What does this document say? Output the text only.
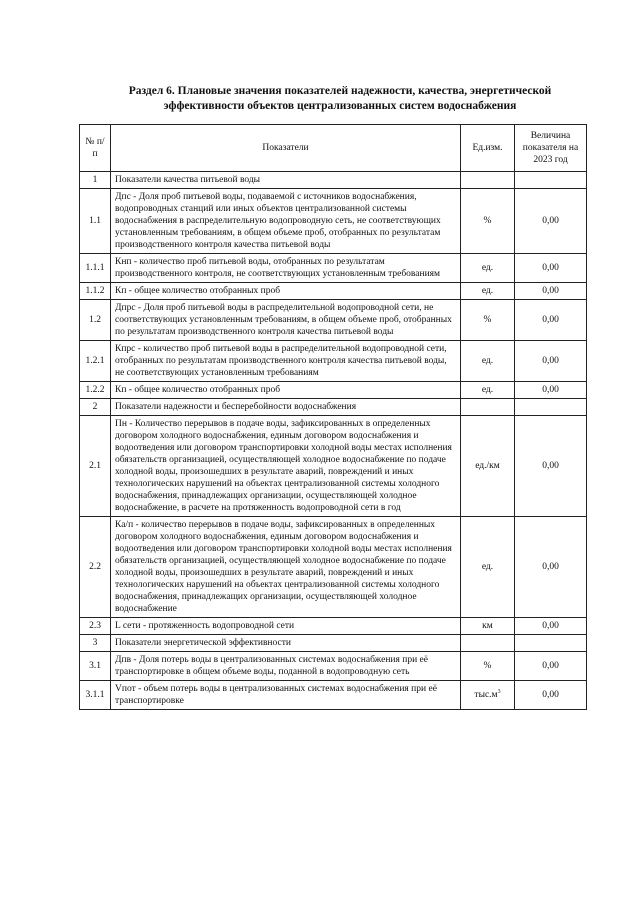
Раздел 6. Плановые значения показателей надежности, качества, энергетической
эффективности объектов централизованных систем водоснабжения
№ п/п	Показатели	Ед.изм.	Величина показателя на 2023 год
1	Показатели качества питьевой воды		
1.1	Дпс - Доля проб питьевой воды, подаваемой с источников водоснабжения, водопроводных станций или иных объектов централизованной системы водоснабжения в распределительную водопроводную сеть, не соответствующих установленным требованиям, в общем объеме проб, отобранных по результатам производственного контроля качества питьевой воды	%	0,00
1.1.1	Кнп - количество проб питьевой воды, отобранных по результатам производственного контроля, не соответствующих установленным требованиям	ед.	0,00
1.1.2	Кп - общее количество отобранных проб	ед.	0,00
1.2	Дпрс - Доля проб питьевой воды в распределительной водопроводной сети, не соответствующих установленным требованиям, в общем объеме проб, отобранных по результатам производственного контроля качества питьевой воды	%	0,00
1.2.1	Кпрс - количество проб питьевой воды в распределительной водопроводной сети, отобранных по результатам производственного контроля качества питьевой воды, не соответствующих установленным требованиям	ед.	0,00
1.2.2	Кп - общее количество отобранных проб	ед.	0,00
2	Показатели надежности и бесперебойности водоснабжения		
2.1	Пн - Количество перерывов в подаче воды, зафиксированных в определенных договором холодного водоснабжения, единым договором водоснабжения и водоотведения или договором транспортировки холодной воды местах исполнения обязательств организацией, осуществляющей холодное водоснабжение по подаче холодной воды, произошедших в результате аварий, повреждений и иных технологических нарушений на объектах централизованной системы холодного водоснабжения, принадлежащих организации, осуществляющей холодное водоснабжение, в расчете на протяженность водопроводной сети в год	ед./км	0,00
2.2	Ка/п - количество перерывов в подаче воды, зафиксированных в определенных договором холодного водоснабжения, единым договором водоснабжения и водоотведения или договором транспортировки холодной воды местах исполнения обязательств организацией, осуществляющей холодное водоснабжение по подаче холодной воды, произошедших в результате аварий, повреждений и иных технологических нарушений на объектах централизованной системы холодного водоснабжения, принадлежащих организации, осуществляющей холодное водоснабжение	ед.	0,00
2.3	L сети - протяженность водопроводной сети	км	0,00
3	Показатели энергетической эффективности		
3.1	Дпв - Доля потерь воды в централизованных системах водоснабжения при её транспортировке в общем объеме воды, поданной в водопроводную сеть	%	0,00
3.1.1	Vпот - объем потерь воды в централизованных системах водоснабжения при её транспортировке	$тыс.м^3$	0,00
